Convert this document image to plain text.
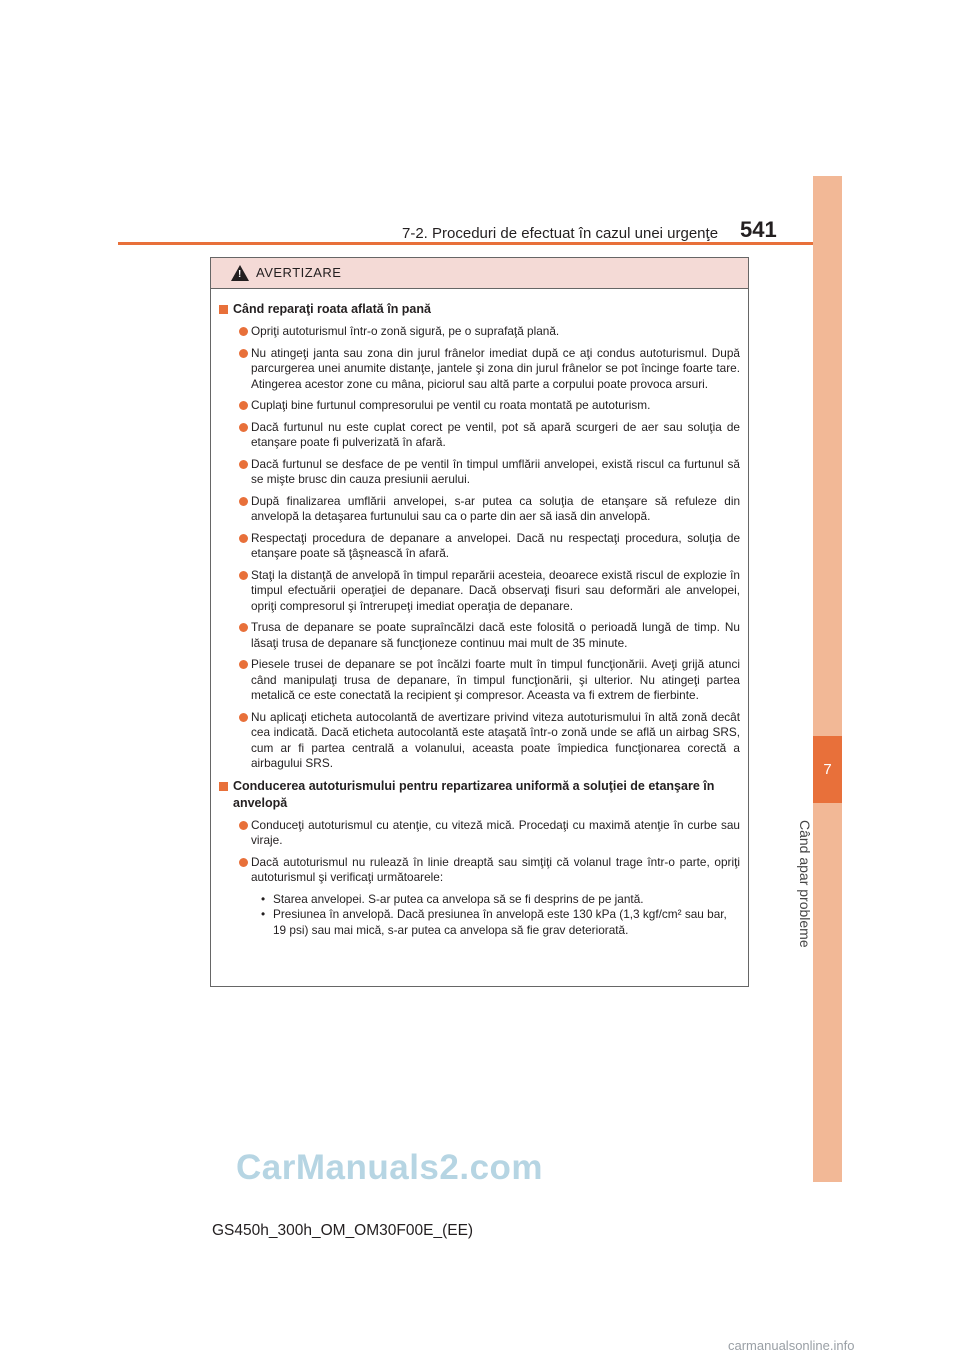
7
Când apar probleme
7-2. Proceduri de efectuat în cazul unei urgenţe 541
!
AVERTIZARE
Când reparaţi roata aflată în pană
Opriţi autoturismul într-o zonă sigură, pe o suprafaţă plană.
Nu atingeţi janta sau zona din jurul frânelor imediat după ce aţi condus autoturismul. După parcurgerea unei anumite distanţe, jantele şi zona din jurul frânelor se pot încinge foarte tare. Atingerea acestor zone cu mâna, piciorul sau altă parte a corpului poate provoca arsuri.
Cuplaţi bine furtunul compresorului pe ventil cu roata montată pe autoturism.
Dacă furtunul nu este cuplat corect pe ventil, pot să apară scurgeri de aer sau soluţia de etanşare poate fi pulverizată în afară.
Dacă furtunul se desface de pe ventil în timpul umflării anvelopei, există riscul ca furtunul să se mişte brusc din cauza presiunii aerului.
După finalizarea umflării anvelopei, s-ar putea ca soluţia de etanşare să refuleze din anvelopă la detaşarea furtunului sau ca o parte din aer să iasă din anvelopă.
Respectaţi procedura de depanare a anvelopei. Dacă nu respectaţi procedura, soluţia de etanşare poate să ţâşnească în afară.
Staţi la distanţă de anvelopă în timpul reparării acesteia, deoarece există riscul de explozie în timpul efectuării operaţiei de depanare. Dacă observaţi fisuri sau deformări ale anvelopei, opriţi compresorul şi întrerupeţi imediat operaţia de depanare.
Trusa de depanare se poate supraîncălzi dacă este folosită o perioadă lungă de timp. Nu lăsaţi trusa de depanare să funcţioneze continuu mai mult de 35 minute.
Piesele trusei de depanare se pot încălzi foarte mult în timpul funcţionării. Aveţi grijă atunci când manipulaţi trusa de depanare, în timpul funcţionării, şi ulterior. Nu atingeţi partea metalică ce este conectată la recipient şi compresor. Aceasta va fi extrem de fierbinte.
Nu aplicaţi eticheta autocolantă de avertizare privind viteza autoturismului în altă zonă decât cea indicată. Dacă eticheta autocolantă este ataşată într-o zonă unde se află un airbag SRS, cum ar fi partea centrală a volanului, aceasta poate împiedica funcţionarea corectă a airbagului SRS.
Conducerea autoturismului pentru repartizarea uniformă a soluţiei de etanşare în anvelopă
Conduceţi autoturismul cu atenţie, cu viteză mică. Procedaţi cu maximă atenţie în curbe sau viraje.
Dacă autoturismul nu rulează în linie dreaptă sau simţiţi că volanul trage într-o parte, opriţi autoturismul şi verificaţi următoarele:
• Starea anvelopei. S-ar putea ca anvelopa să se fi desprins de pe jantă.
• Presiunea în anvelopă. Dacă presiunea în anvelopă este 130 kPa (1,3 kgf/cm² sau bar, 19 psi) sau mai mică, s-ar putea ca anvelopa să fie grav deteriorată.
CarManuals2.com
GS450h_300h_OM_OM30F00E_(EE)
carmanualsonline.info
